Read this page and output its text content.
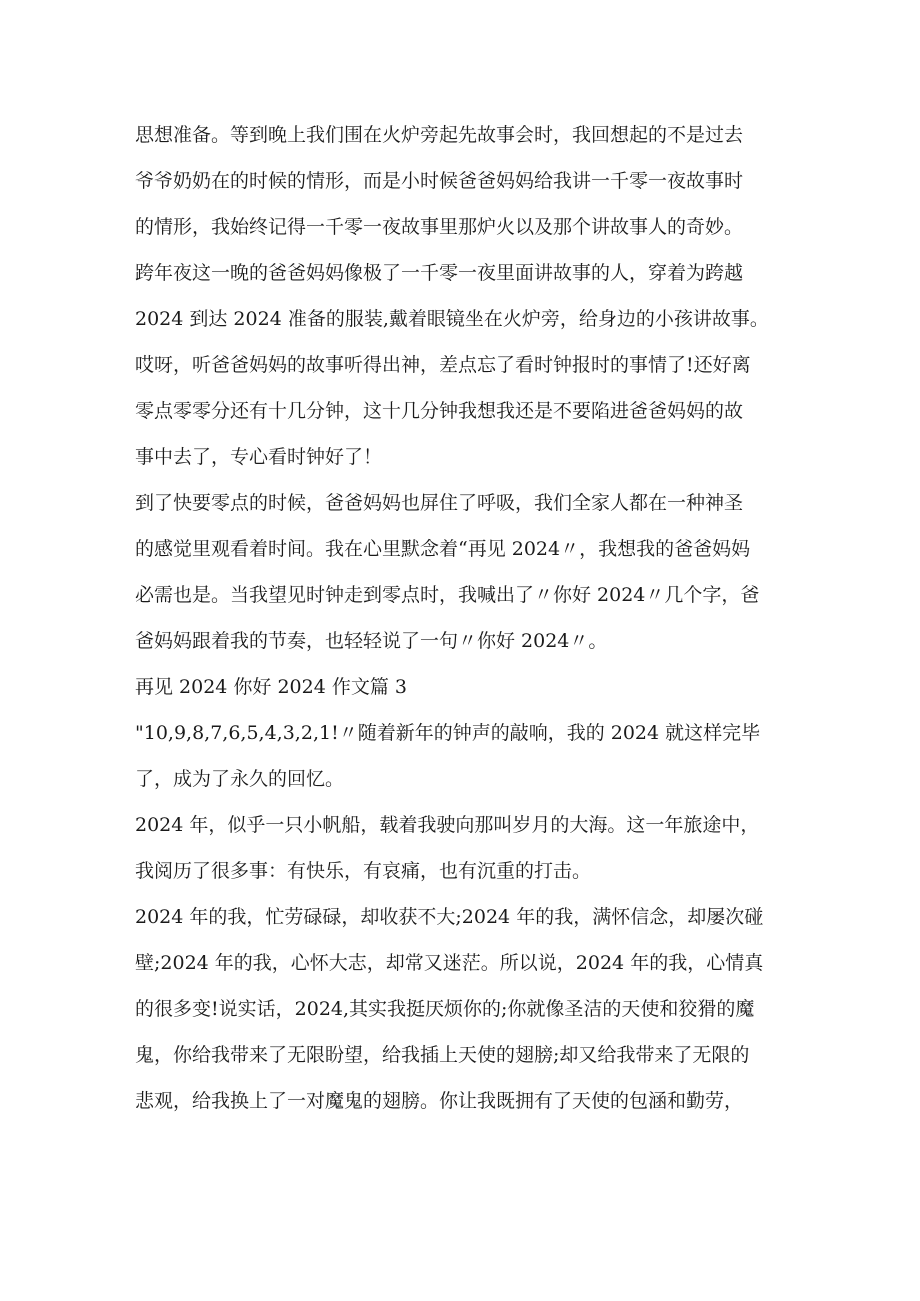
思想准备。等到晚上我们围在火炉旁起先故事会时，我回想起的不是过去
爷爷奶奶在的时候的情形，而是小时候爸爸妈妈给我讲一千零一夜故事时
的情形，我始终记得一千零一夜故事里那炉火以及那个讲故事人的奇妙。
跨年夜这一晚的爸爸妈妈像极了一千零一夜里面讲故事的人，穿着为跨越
2024 到达 2024 准备的服装,戴着眼镜坐在火炉旁，给身边的小孩讲故事。
哎呀，听爸爸妈妈的故事听得出神，差点忘了看时钟报时的事情了!还好离
零点零零分还有十几分钟，这十几分钟我想我还是不要陷进爸爸妈妈的故
事中去了，专心看时钟好了！
到了快要零点的时候，爸爸妈妈也屏住了呼吸，我们全家人都在一种神圣
的感觉里观看着时间。我在心里默念着“再见 2024〃，我想我的爸爸妈妈
必需也是。当我望见时钟走到零点时，我喊出了〃你好 2024〃几个字，爸
爸妈妈跟着我的节奏，也轻轻说了一句〃你好 2024〃。
再见 2024 你好 2024 作文篇 3
"10,9,8,7,6,5,4,3,2,1!〃随着新年的钟声的敲响，我的 2024 就这样完毕
了，成为了永久的回忆。
2024 年，似乎一只小帆船，载着我驶向那叫岁月的大海。这一年旅途中，
我阅历了很多事：有快乐，有哀痛，也有沉重的打击。
2024 年的我，忙劳碌碌，却收获不大;2024 年的我，满怀信念，却屡次碰
壁;2024 年的我，心怀大志，却常又迷茫。所以说，2024 年的我，心情真
的很多变!说实话，2024,其实我挺厌烦你的;你就像圣洁的天使和狡猾的魔
鬼，你给我带来了无限盼望，给我插上天使的翅膀;却又给我带来了无限的
悲观，给我换上了一对魔鬼的翅膀。你让我既拥有了天使的包涵和勤劳，
